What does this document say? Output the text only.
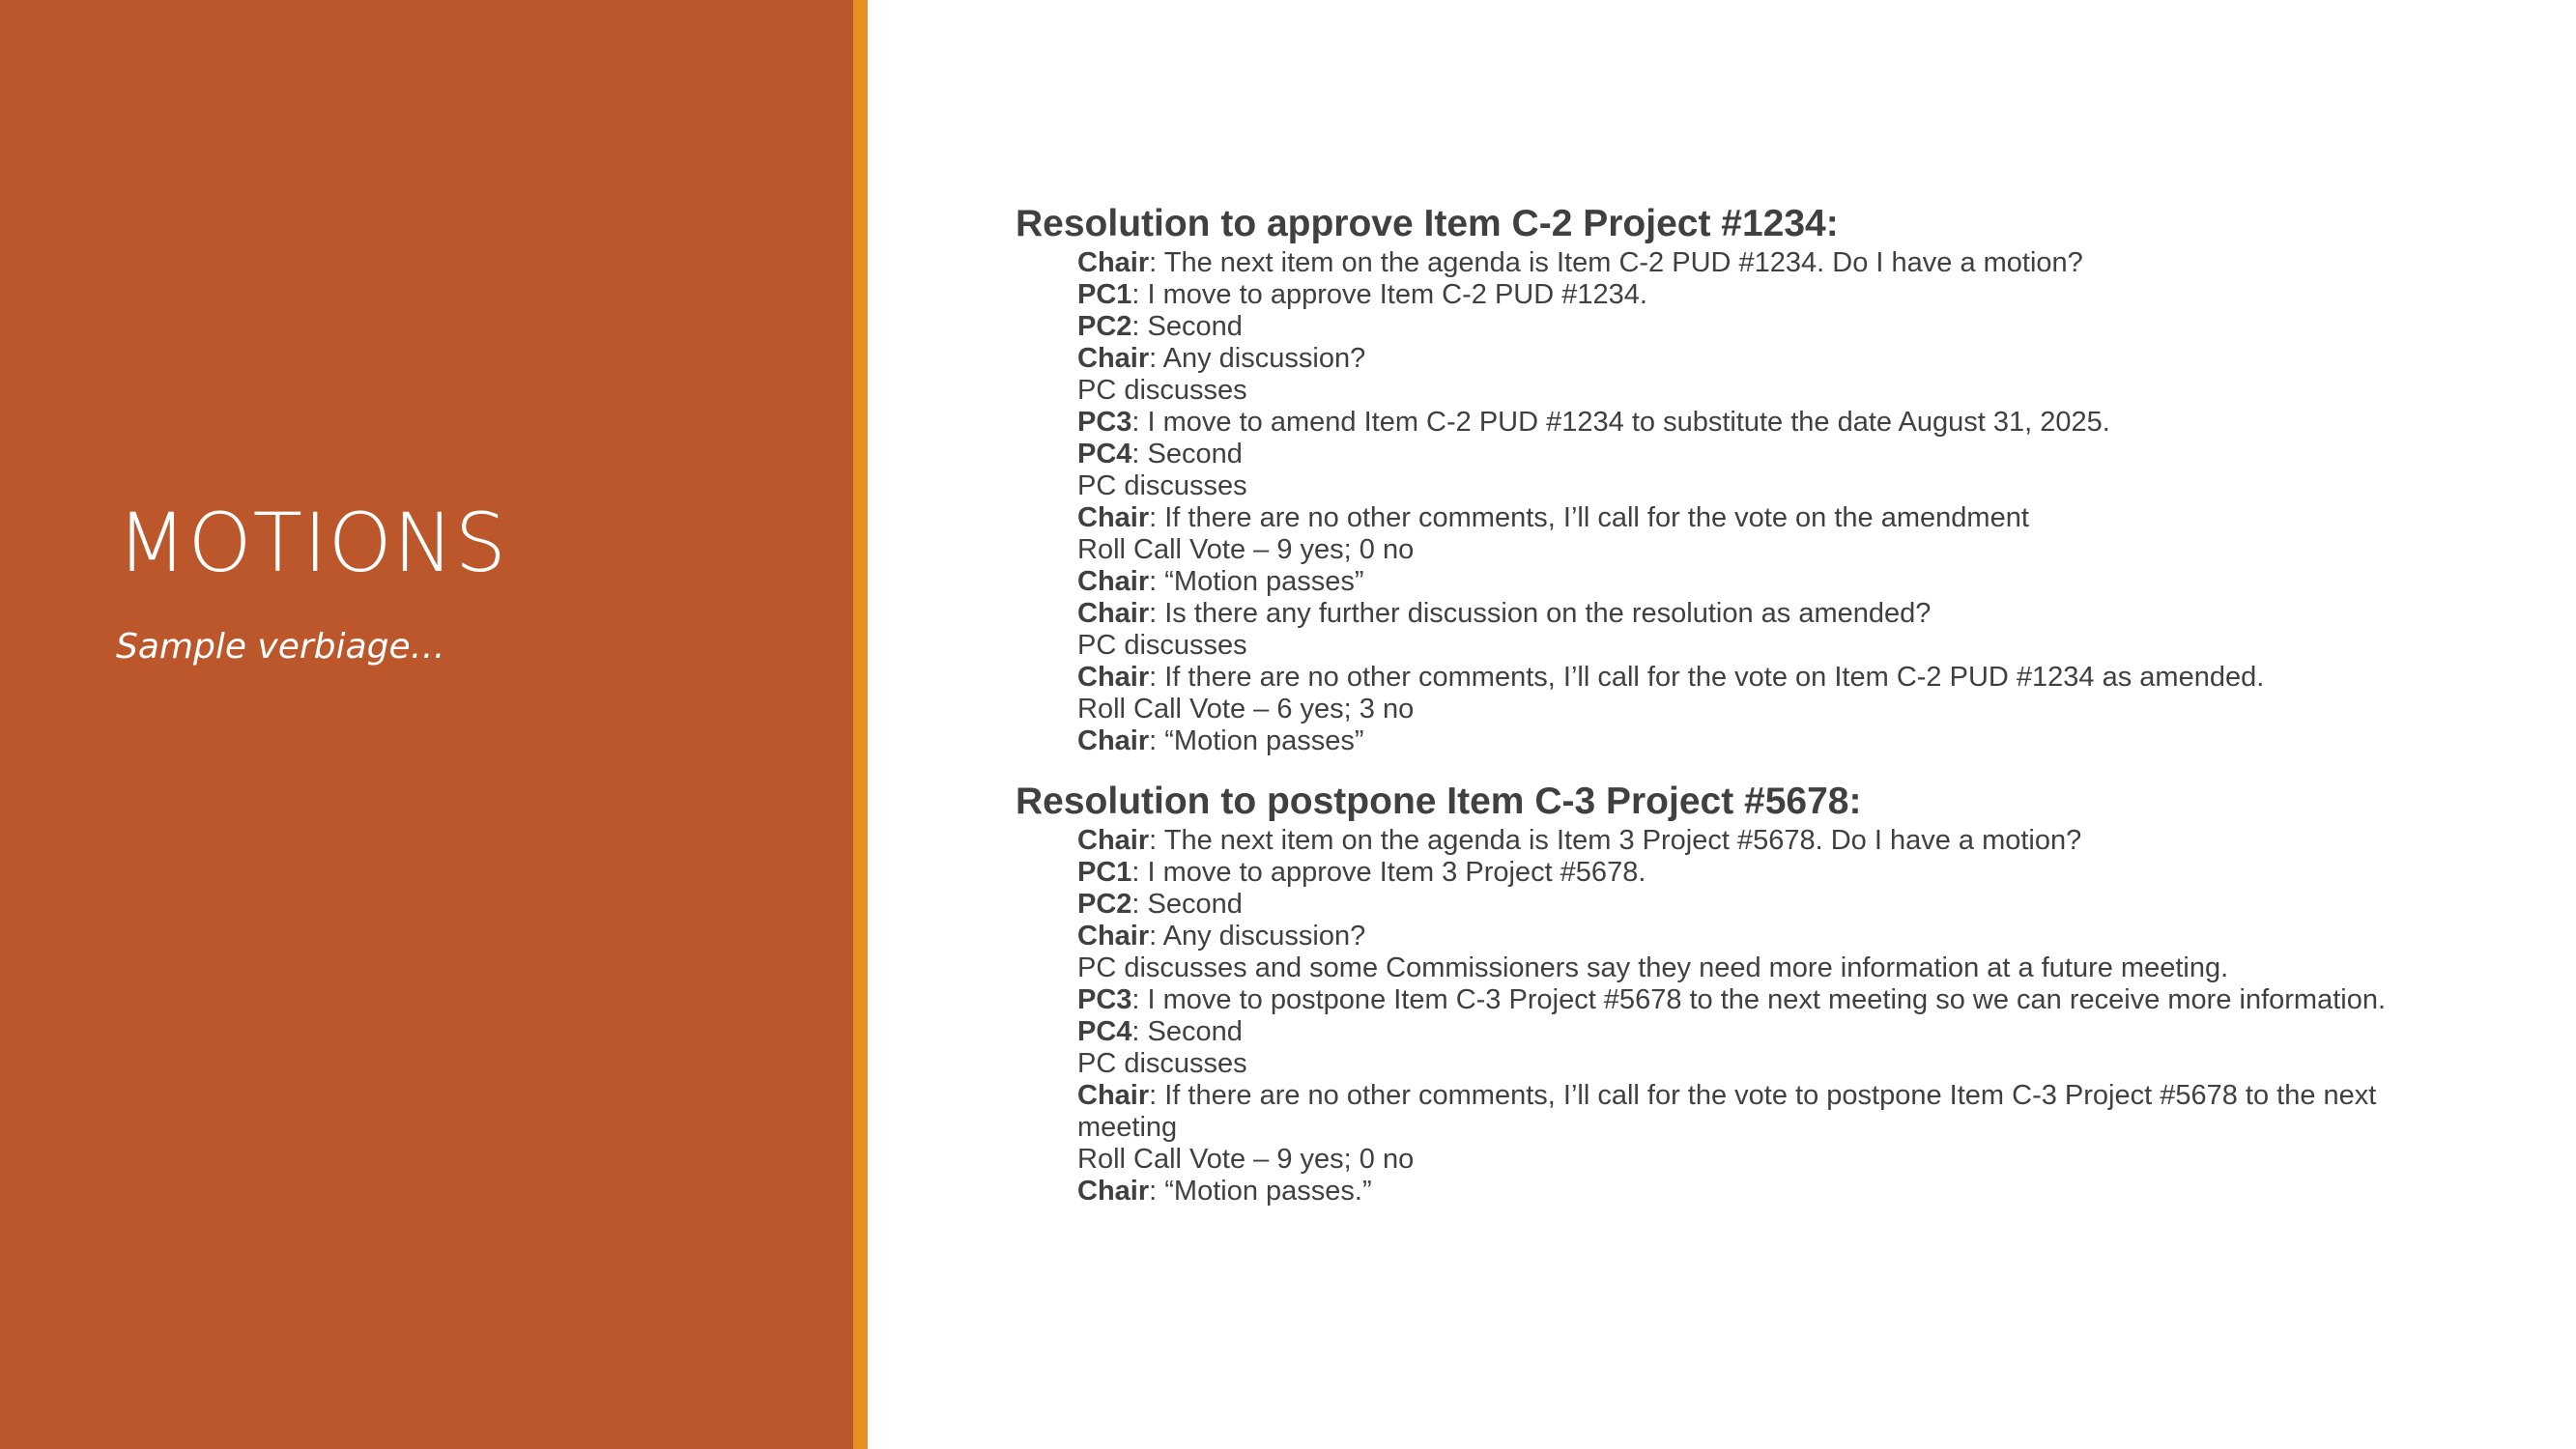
MOTIONS

Sample verbiage…

Resolution to approve Item C-2 Project #1234:
Chair: The next item on the agenda is Item C-2 PUD #1234. Do I have a motion?
PC1: I move to approve Item C-2 PUD #1234.
PC2: Second
Chair: Any discussion?
PC discusses
PC3: I move to amend Item C-2 PUD #1234 to substitute the date August 31, 2025.
PC4: Second
PC discusses
Chair: If there are no other comments, I’ll call for the vote on the amendment
Roll Call Vote – 9 yes; 0 no
Chair: “Motion passes”
Chair: Is there any further discussion on the resolution as amended?
PC discusses
Chair: If there are no other comments, I’ll call for the vote on Item C-2 PUD #1234 as amended.
Roll Call Vote – 6 yes; 3 no
Chair: “Motion passes”
Resolution to postpone Item C-3 Project #5678:
Chair: The next item on the agenda is Item 3 Project #5678. Do I have a motion?
PC1: I move to approve Item 3 Project #5678.
PC2: Second
Chair: Any discussion?
PC discusses and some Commissioners say they need more information at a future meeting.
PC3: I move to postpone Item C-3 Project #5678 to the next meeting so we can receive more information.
PC4: Second
PC discusses
Chair: If there are no other comments, I’ll call for the vote to postpone Item C-3 Project #5678 to the next meeting
Roll Call Vote – 9 yes; 0 no
Chair: “Motion passes.”
